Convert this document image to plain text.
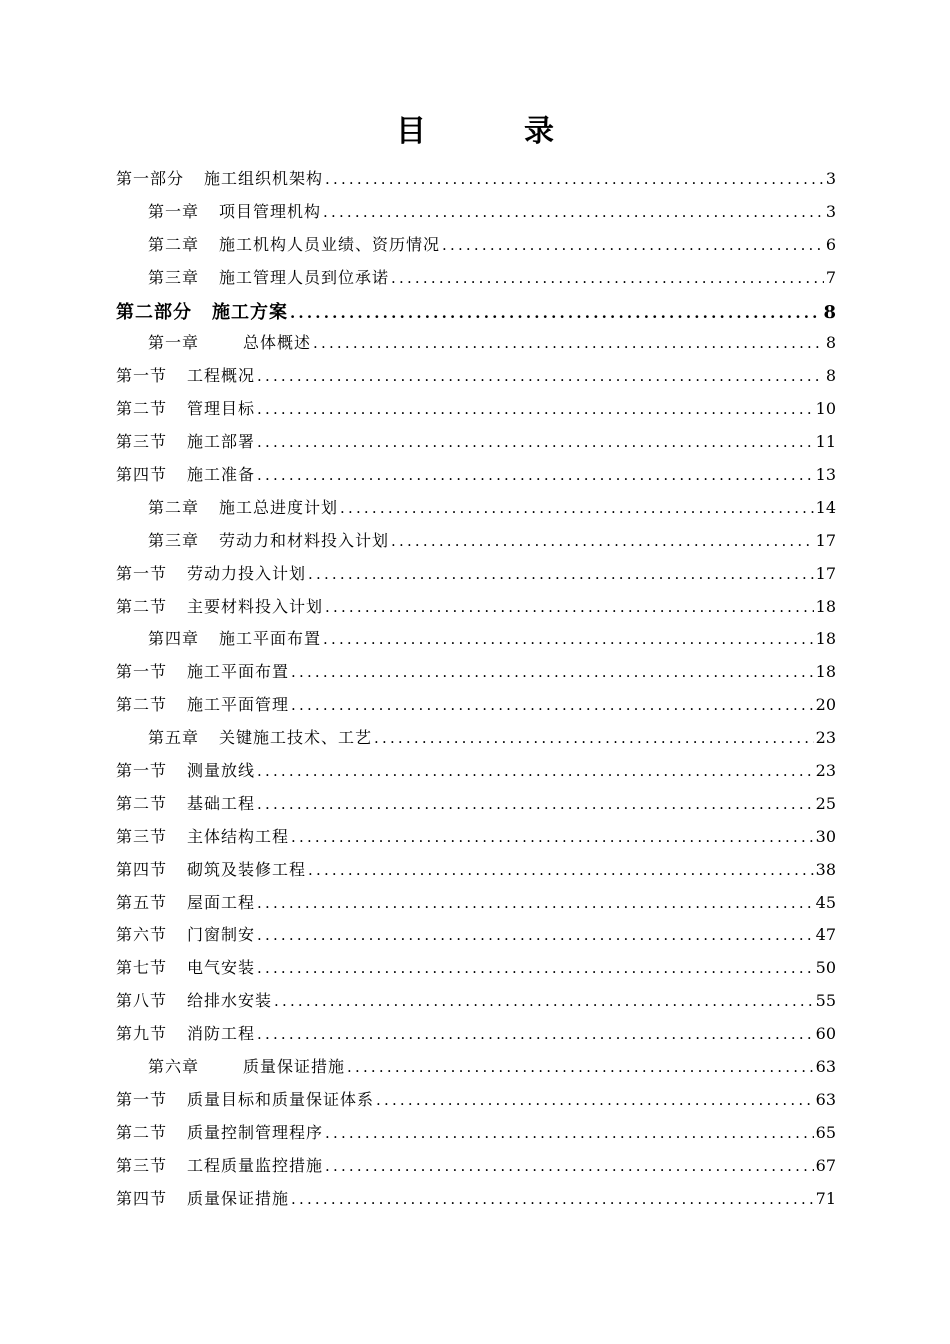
目　录
第一部分 施工组织机架构 .....	3
第一章 项目管理机构 .....	3
第二章 施工机构人员业绩、资历情况 .....	6
第三章 施工管理人员到位承诺 .....	7
第二部分 施工方案 .....	8
第一章	总体概述 .....	8
第一节 工程概况 .....	8
第二节 管理目标 .....	10
第三节 施工部署 .....	11
第四节 施工准备 .....	13
第二章 施工总进度计划 .....	14
第三章 劳动力和材料投入计划 .....	17
第一节 劳动力投入计划 .....	17
第二节 主要材料投入计划 .....	18
第四章 施工平面布置 .....	18
第一节 施工平面布置 .....	18
第二节 施工平面管理 .....	20
第五章 关键施工技术、工艺 .....	23
第一节 测量放线 .....	23
第二节 基础工程 .....	25
第三节 主体结构工程 .....	30
第四节 砌筑及装修工程 .....	38
第五节 屋面工程 .....	45
第六节 门窗制安 .....	47
第七节 电气安装 .....	50
第八节 给排水安装 .....	55
第九节 消防工程 .....	60
第六章	质量保证措施 .....	63
第一节 质量目标和质量保证体系 .....	63
第二节 质量控制管理程序 .....	65
第三节 工程质量监控措施 .....	67
第四节 质量保证措施 .....	71
